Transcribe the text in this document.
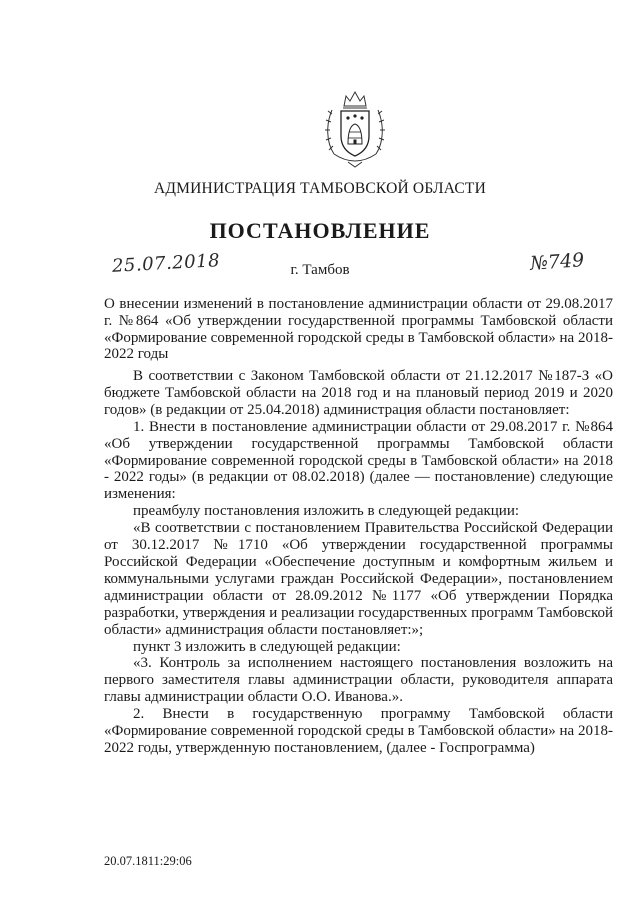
АДМИНИСТРАЦИЯ ТАМБОВСКОЙ ОБЛАСТИ
ПОСТАНОВЛЕНИЕ
25.07.2018	г. Тамбов	№749
О внесении изменений в постановление администрации области от 29.08.2017 г. №864 «Об утверждении государственной программы Тамбовской области «Формирование современной городской среды в Тамбовской области» на 2018-2022 годы

В соответствии с Законом Тамбовской области от 21.12.2017 №187-З «О бюджете Тамбовской области на 2018 год и на плановый период 2019 и 2020 годов» (в редакции от 25.04.2018) администрация области постановляет:

1. Внести в постановление администрации области от 29.08.2017 г. №864 «Об утверждении государственной программы Тамбовской области «Формирование современной городской среды в Тамбовской области» на 2018 - 2022 годы» (в редакции от 08.02.2018) (далее — постановление) следующие изменения:

преамбулу постановления изложить в следующей редакции:

«В соответствии с постановлением Правительства Российской Федерации от 30.12.2017 №1710 «Об утверждении государственной программы Российской Федерации «Обеспечение доступным и комфортным жильем и коммунальными услугами граждан Российской Федерации», постановлением администрации области от 28.09.2012 №1177 «Об утверждении Порядка разработки, утверждения и реализации государственных программ Тамбовской области» администрация области постановляет:»;

пункт 3 изложить в следующей редакции:

«3. Контроль за исполнением настоящего постановления возложить на первого заместителя главы администрации области, руководителя аппарата главы администрации области О.О. Иванова.».

2. Внести в государственную программу Тамбовской области «Формирование современной городской среды в Тамбовской области» на 2018-2022 годы, утвержденную постановлением, (далее - Госпрограмма)

20.07.1811:29:06
